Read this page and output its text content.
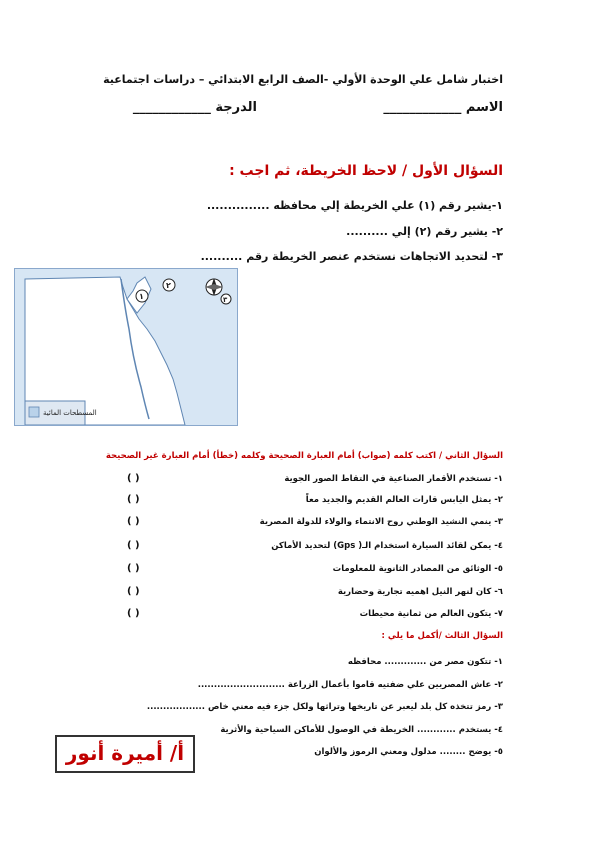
اختبار شامل علي الوحدة الأولي -الصف الرابع الابتدائي – دراسات اجتماعية
الاسم ____________
الدرجة ____________
السؤال الأول / لاحظ الخريطة، ثم اجب :
١-يشير رقم (١) علي الخريطة إلي محافظه ...............
٢- يشير رقم (٢) إلي ..........
٣- لتحديد الاتجاهات نستخدم عنصر الخريطة رقم ..........
المسطحات المائية
١
٢
٣
السؤال الثاني / اكتب كلمه (صواب) أمام العبارة الصحيحة وكلمه (خطأ) أمام العبارة غير الصحيحة
١- تستخدم الأقمار الصناعية في التقاط الصور الجوية
( )
٢- يمثل اليابس قارات العالم القديم والجديد معاً
( )
٣- ينمي النشيد الوطني روح الانتماء والولاء للدولة المصرية
( )
٤- يمكن لقائد السيارة استخدام الـ( Gps) لتحديد الأماكن
( )
٥- الوثائق من المصادر الثانوية للمعلومات
( )
٦- كان لنهر النيل اهميه تجارية وحضارية
( )
٧- يتكون العالم من ثمانية محيطات
( )
السؤال الثالث /أكمل ما يلي :
١- تتكون مصر من ............. محافظه
٢- عاش المصريين علي ضفتيه قاموا بأعمال الزراعة ...........................
٣- رمز تتخذه كل بلد ليعبر عن تاريخها وتراثها ولكل جزء فيه معني خاص ..................
٤- يستخدم ............ الخريطة في الوصول للأماكن السياحية والأثرية
٥- يوضح ........ مدلول ومعني الرموز والألوان
أ/ أميرة أنور
